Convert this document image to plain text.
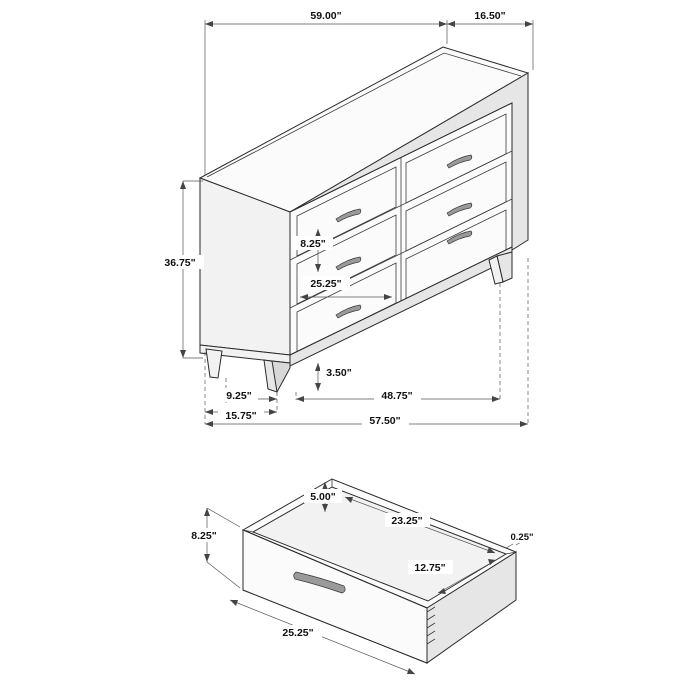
59.00"	16.50"
36.75"
8.25"
25.25"
3.50"
9.25"
15.75"
48.75"
57.50"
5.00"
23.25"
8.25"
12.75"
0.25"
25.25"
